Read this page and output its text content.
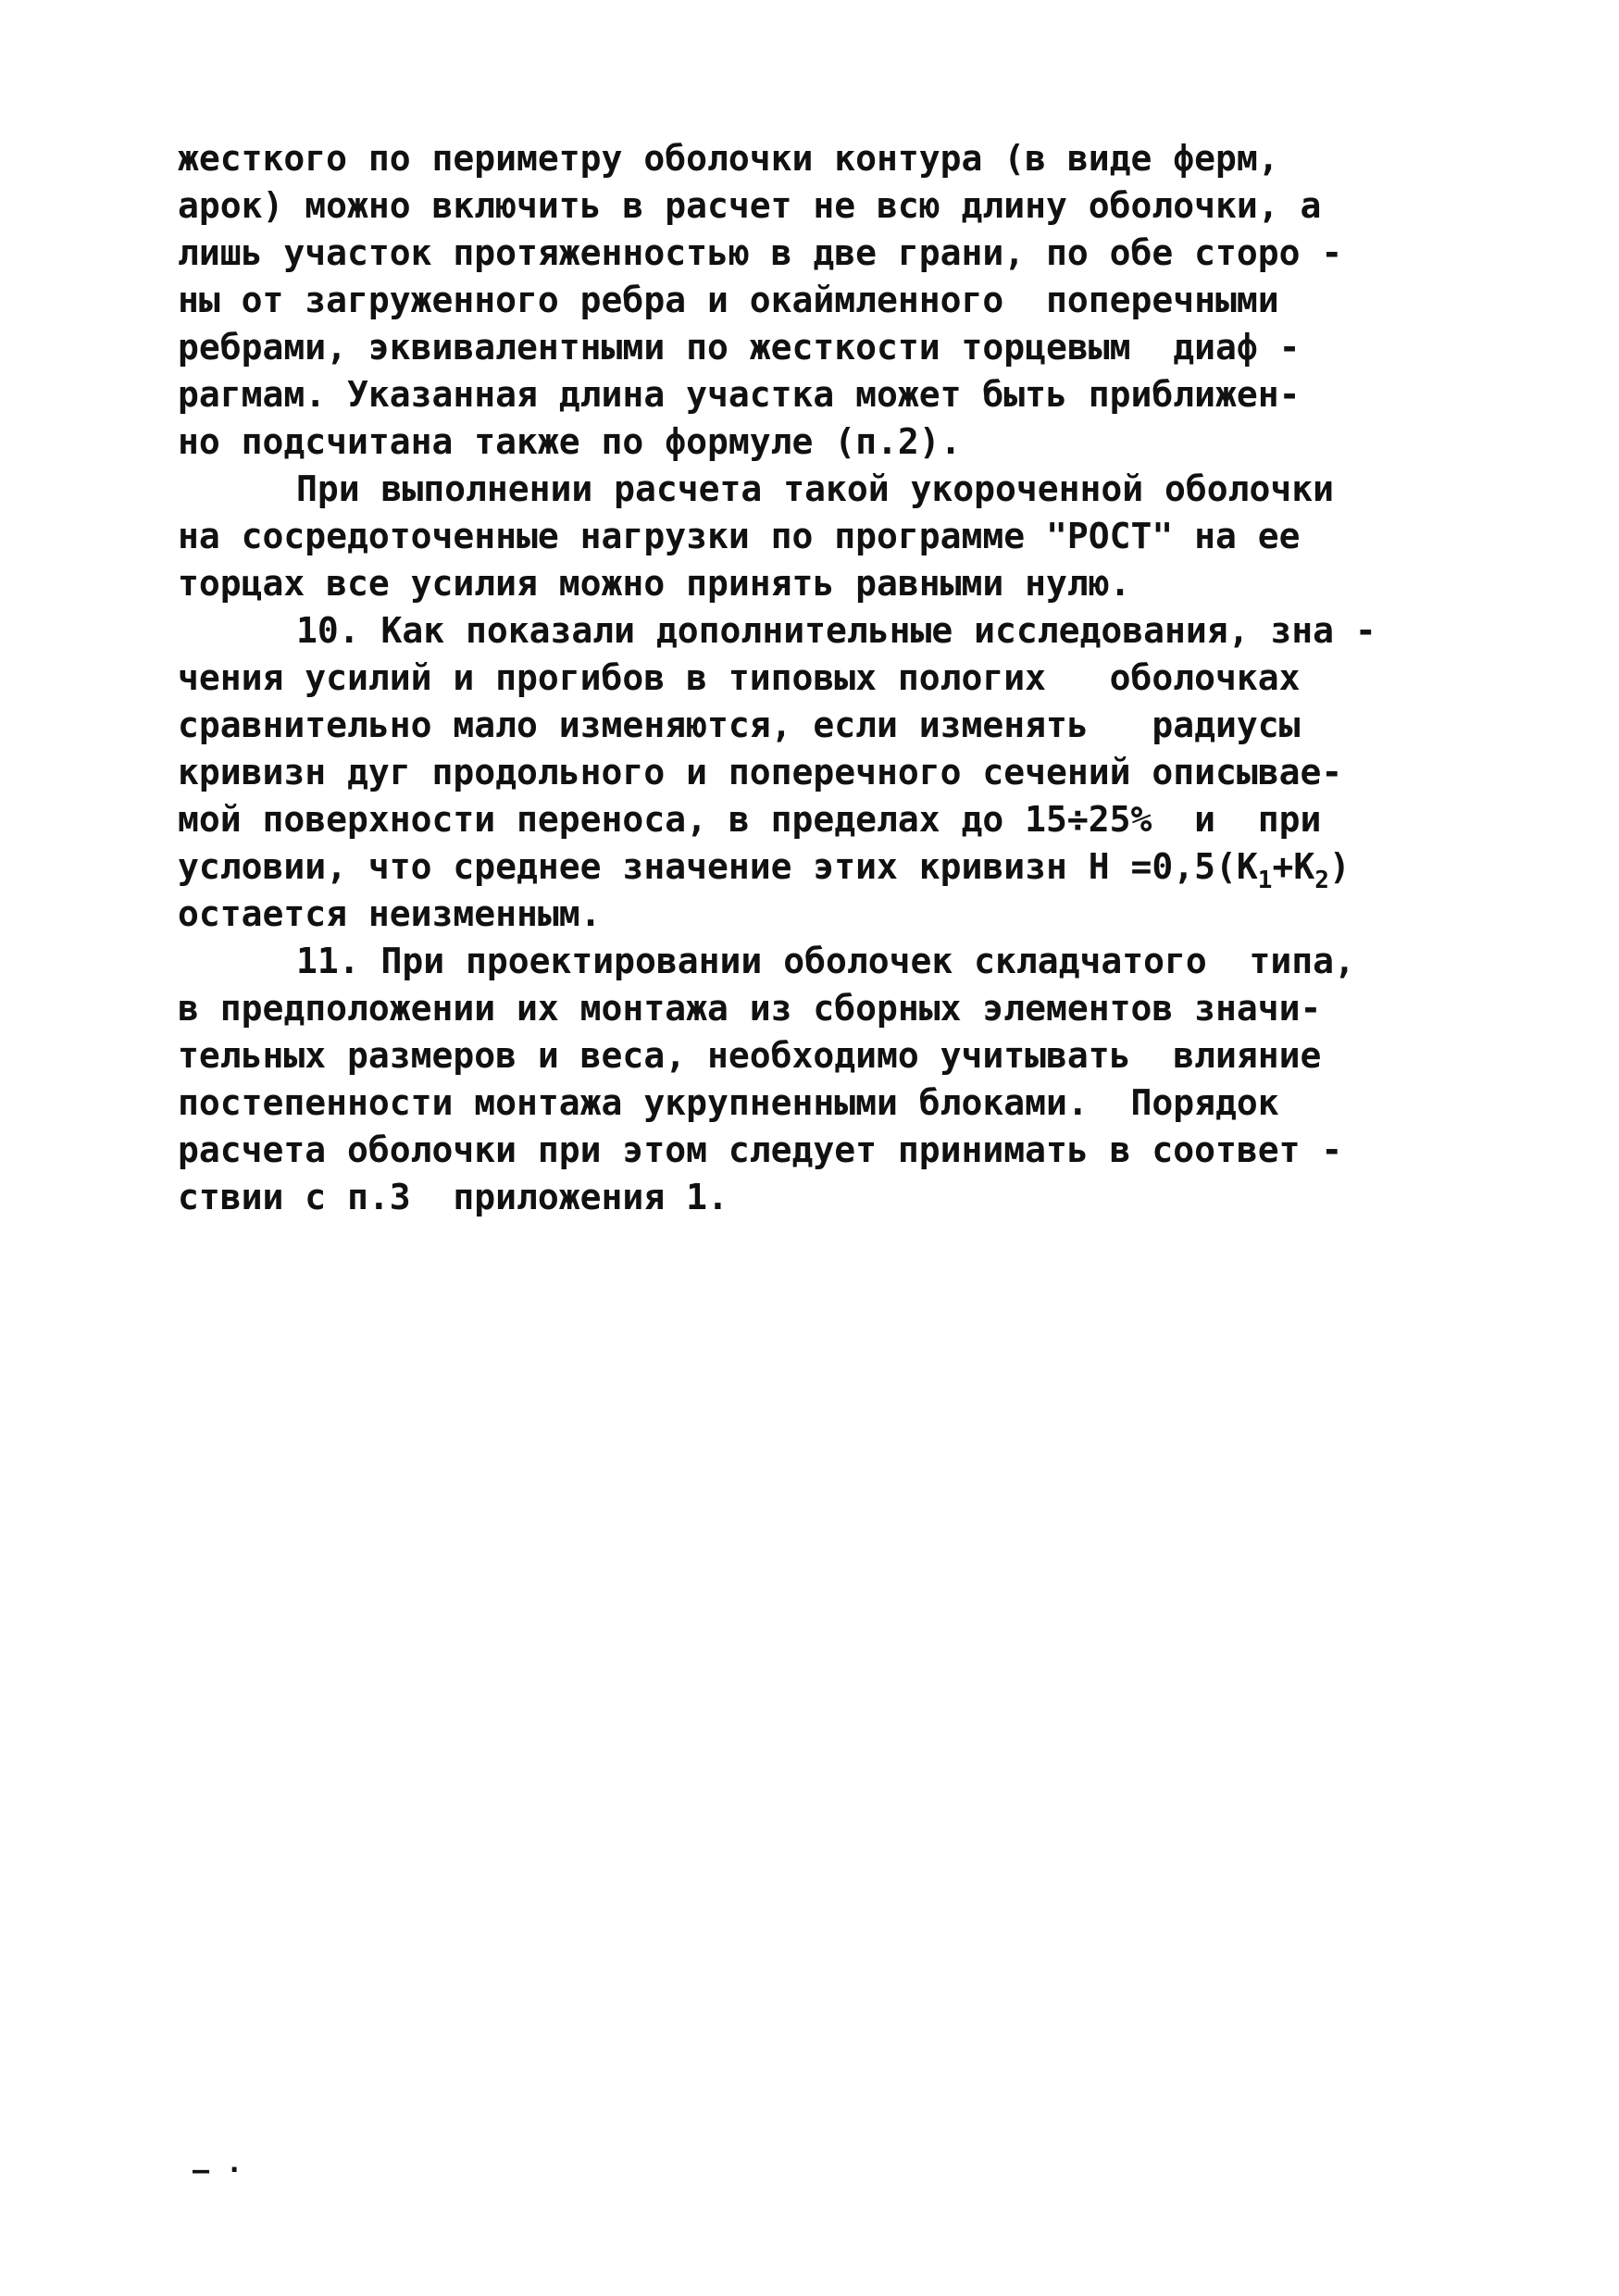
жесткого по периметру оболочки контура (в виде ферм,
арок) можно включить в расчет не всю длину оболочки, а
лишь участок протяженностью в две грани, по обе сторо -
ны от загруженного ребра и окаймленного  поперечными
ребрами, эквивалентными по жесткости торцевым  диаф -
рагмам. Указанная длина участка может быть приближен-
но подсчитана также по формуле (п.2).
При выполнении расчета такой укороченной оболочки
на сосредоточенные нагрузки по программе "РОСТ" на ее
торцах все усилия можно принять равными нулю.
10. Как показали дополнительные исследования, зна -
чения усилий и прогибов в типовых пологих   оболочках
сравнительно мало изменяются, если изменять   радиусы
кривизн дуг продольного и поперечного сечений описывае-
мой поверхности переноса, в пределах до 15÷25%  и  при
условии, что среднее значение этих кривизн $H =0,5(K_1+K_2)$
остается неизменным.
11. При проектировании оболочек складчатого  типа,
в предположении их монтажа из сборных элементов значи-
тельных размеров и веса, необходимо учитывать  влияние
постепенности монтажа укрупненными блоками.  Порядок
расчета оболочки при этом следует принимать в соответ -
ствии с п.3  приложения 1.
– ·
